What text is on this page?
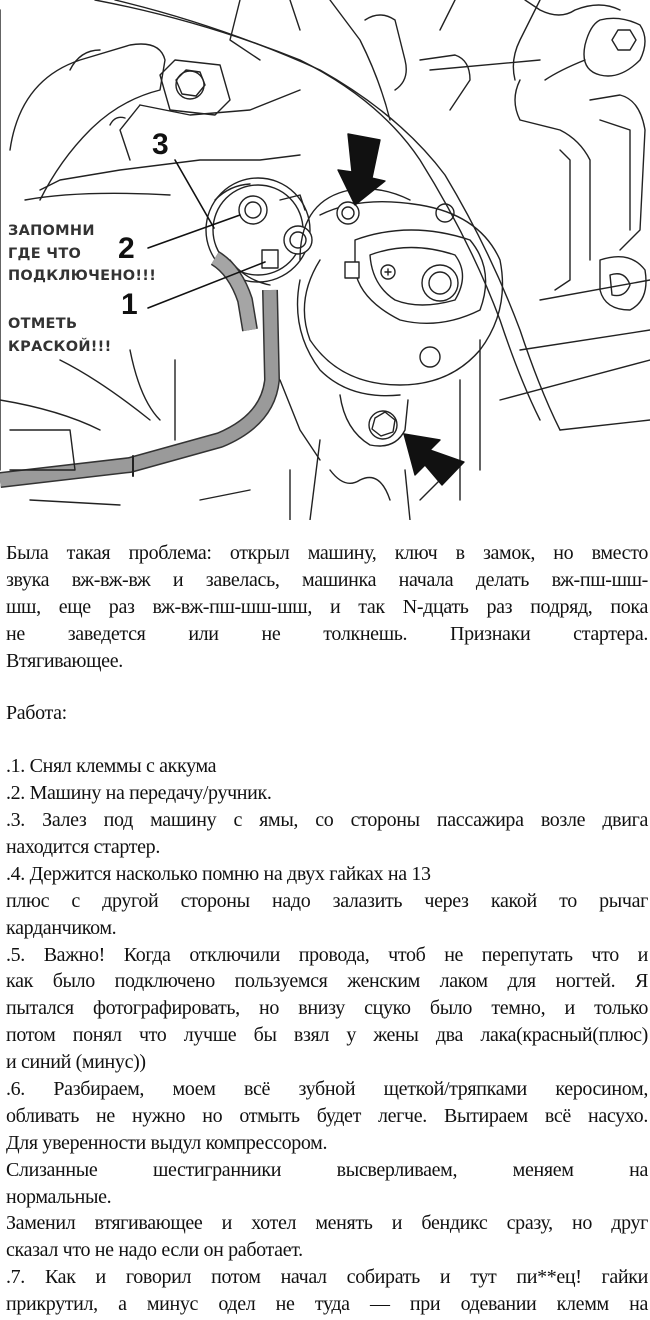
3
2
1
ЗАПОМНИ
ГДЕ ЧТО
ПОДКЛЮЧЕНО!!!
ОТМЕТЬ
КРАСКОЙ!!!
Была такая проблема: открыл машину, ключ в замок, но вместо
звука вж-вж-вж и завелась, машинка начала делать вж-пш-шш-
шш, еще раз вж-вж-пш-шш-шш, и так N-дцать раз подряд, пока
не заведется или не толкнешь. Признаки стартера.
Втягивающее.
Работа:
.1. Снял клеммы с аккума
.2. Машину на передачу/ручник.
.3. Залез под машину с ямы, со стороны пассажира возле двига
находится стартер.
.4. Держится насколько помню на двух гайках на 13
плюс с другой стороны надо залазить через какой то рычаг
карданчиком.
.5. Важно! Когда отключили провода, чтоб не перепутать что и
как было подключено пользуемся женским лаком для ногтей. Я
пытался фотографировать, но внизу сцуко было темно, и только
потом понял что лучше бы взял у жены два лака(красный(плюс)
и синий (минус))
.6. Разбираем, моем всё зубной щеткой/тряпками керосином,
обливать не нужно но отмыть будет легче. Вытираем всё насухо.
Для уверенности выдул компрессором.
Слизанные шестигранники высверливаем, меняем на
нормальные.
Заменил втягивающее и хотел менять и бендикс сразу, но друг
сказал что не надо если он работает.
.7. Как и говорил потом начал собирать и тут пи**ец! гайки
прикрутил, а минус одел не туда — при одевании клемм на
